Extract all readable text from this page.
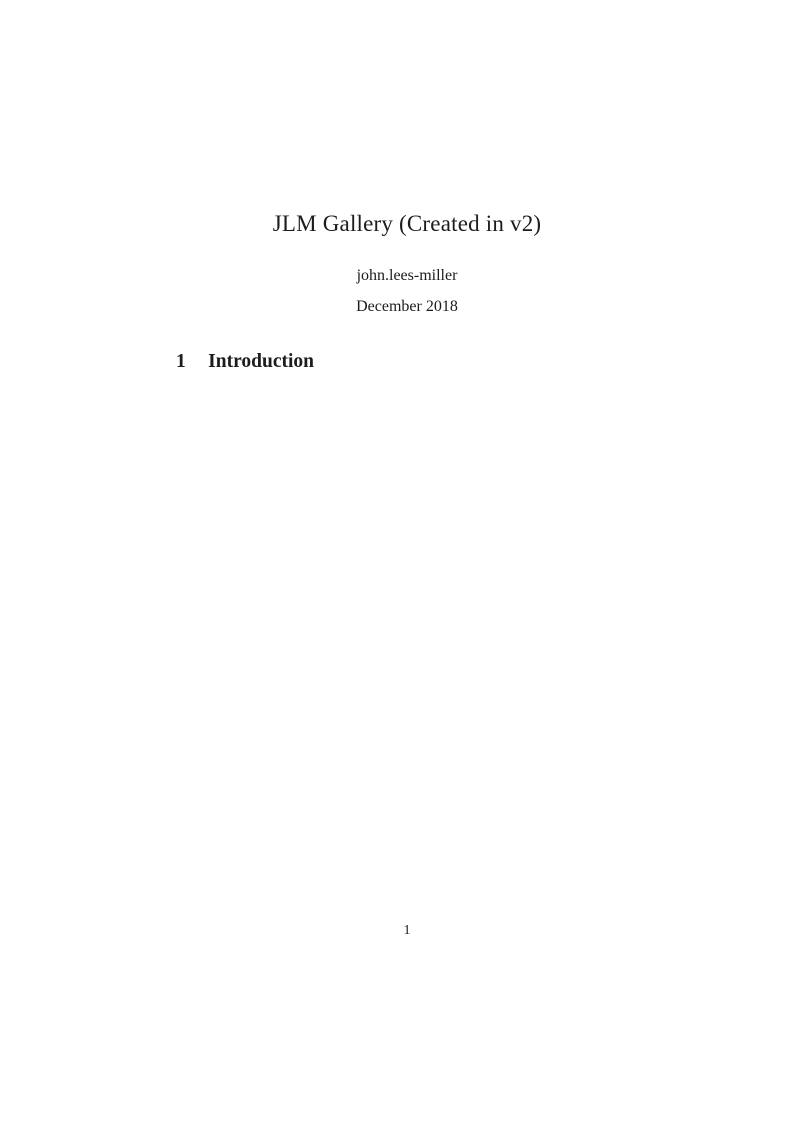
JLM Gallery (Created in v2)
john.lees-miller
December 2018
1 Introduction
1
